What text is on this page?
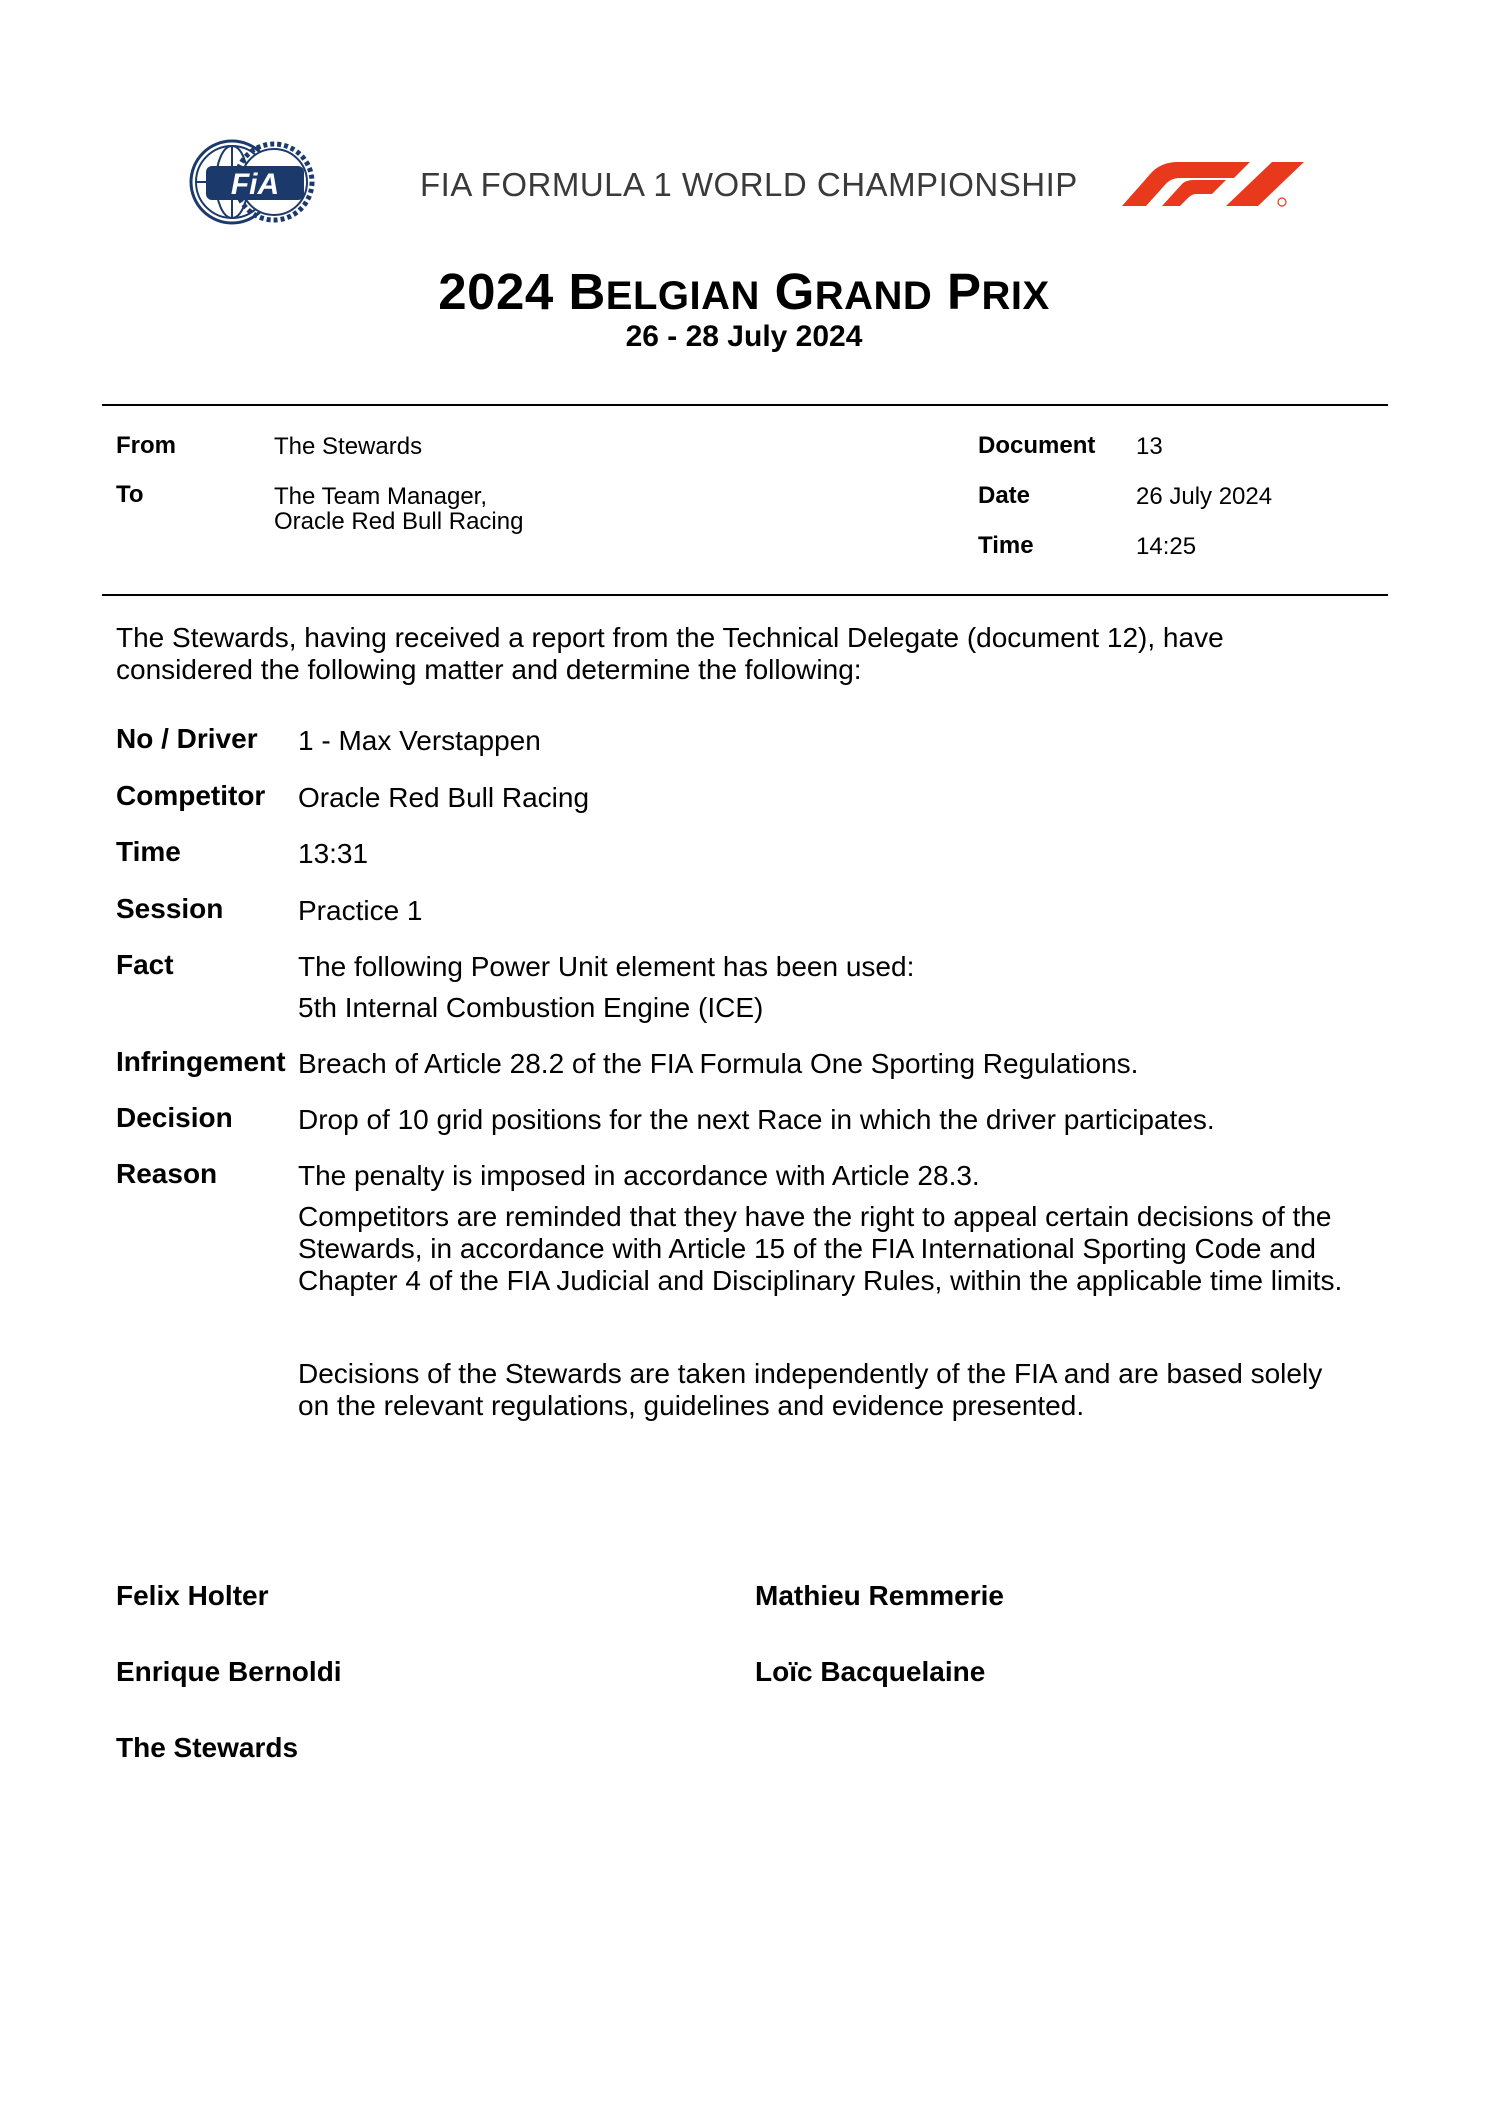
FiA	FIA FORMULA 1 WORLD CHAMPIONSHIP
2024 BELGIAN GRAND PRIX
26 - 28 July 2024
From	The Stewards
To	The Team Manager,
Oracle Red Bull Racing
Document 13
Date	26 July 2024
Time	14:25
The Stewards, having received a report from the Technical Delegate (document 12), have
considered the following matter and determine the following:
No / Driver 1 - Max Verstappen
Competitor Oracle Red Bull Racing
Time	13:31
Session	Practice 1
Fact	The following Power Unit element has been used:
5th Internal Combustion Engine (ICE)
Infringement Breach of Article 28.2 of the FIA Formula One Sporting Regulations.
Decision Drop of 10 grid positions for the next Race in which the driver participates.
Reason	The penalty is imposed in accordance with Article 28.3.
Competitors are reminded that they have the right to appeal certain decisions of the
Stewards, in accordance with Article 15 of the FIA International Sporting Code and
Chapter 4 of the FIA Judicial and Disciplinary Rules, within the applicable time limits.
Decisions of the Stewards are taken independently of the FIA and are based solely
on the relevant regulations, guidelines and evidence presented.
Felix Holter	Mathieu Remmerie
Enrique Bernoldi	Loïc Bacquelaine
The Stewards
